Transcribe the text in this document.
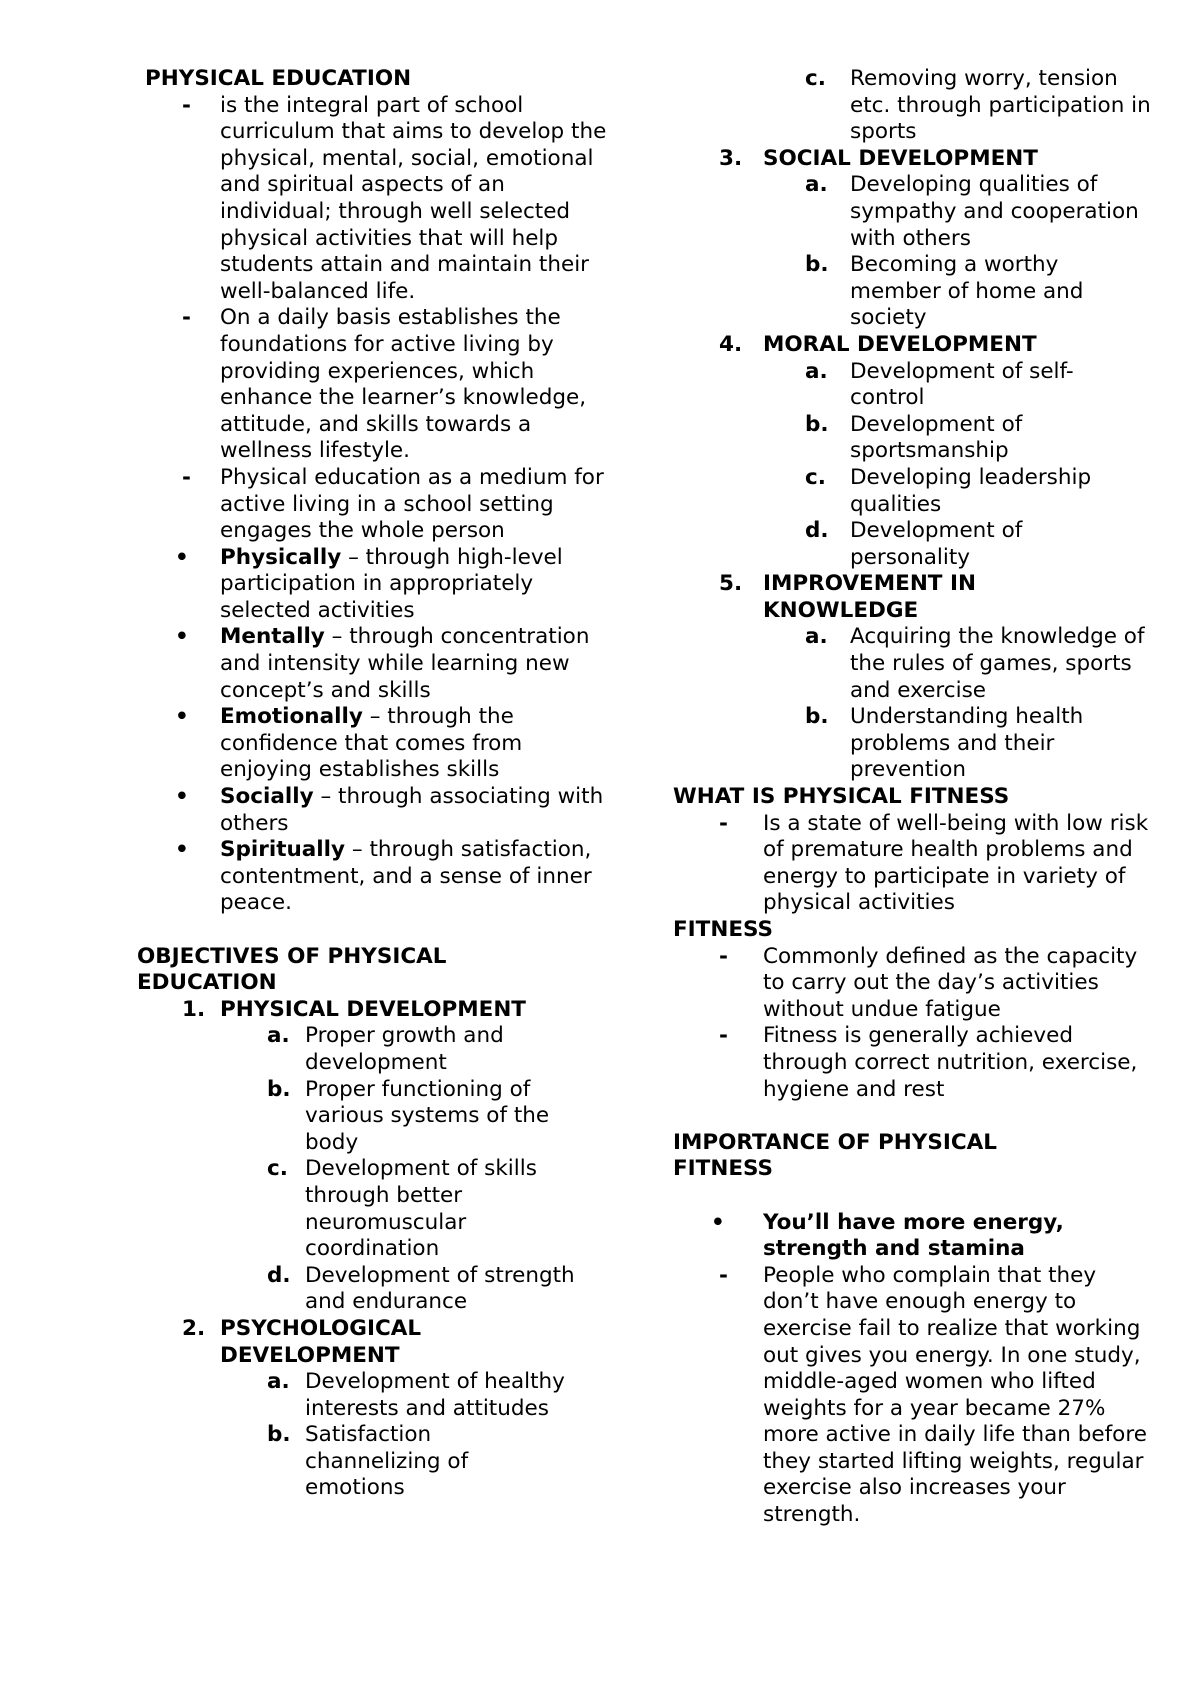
PHYSICAL EDUCATION
-	is the integral part of school curriculum that aims to develop the physical, mental, social, emotional and spiritual aspects of an individual; through well selected physical activities that will help students attain and maintain their well-balanced life.
-	On a daily basis establishes the foundations for active living by providing experiences, which enhance the learner’s knowledge, attitude, and skills towards a wellness lifestyle.
-	Physical education as a medium for active living in a school setting engages the whole person
•	Physically – through high-level participation in appropriately selected activities
•	Mentally – through concentration and intensity while learning new concept’s and skills
•	Emotionally – through the confidence that comes from enjoying establishes skills
•	Socially – through associating with others
•	Spiritually – through satisfaction, contentment, and a sense of inner peace.
OBJECTIVES OF PHYSICAL EDUCATION
1. PHYSICAL DEVELOPMENT
a. Proper growth and development
b. Proper functioning of various systems of the body
c. Development of skills through better neuromuscular coordination
d. Development of strength and endurance
2. PSYCHOLOGICAL DEVELOPMENT
a. Development of healthy interests and attitudes
b. Satisfaction channelizing of emotions
c.	Removing worry, tension etc. through participation in sports
3. SOCIAL DEVELOPMENT
a.	Developing qualities of sympathy and cooperation with others
b. Becoming a worthy member of home and society
4. MORAL DEVELOPMENT
a.	Development of self-control
b. Development of sportsmanship
c.	Developing leadership qualities
d. Development of personality
5. IMPROVEMENT IN KNOWLEDGE
a.	Acquiring the knowledge of the rules of games, sports and exercise
b. Understanding health problems and their prevention
WHAT IS PHYSICAL FITNESS
-	Is a state of well-being with low risk of premature health problems and energy to participate in variety of physical activities
FITNESS
-	Commonly defined as the capacity to carry out the day’s activities without undue fatigue
-	Fitness is generally achieved through correct nutrition, exercise, hygiene and rest
IMPORTANCE OF PHYSICAL FITNESS
•	You’ll have more energy, strength and stamina
-	People who complain that they don’t have enough energy to exercise fail to realize that working out gives you energy. In one study, middle-aged women who lifted weights for a year became 27% more active in daily life than before they started lifting weights, regular exercise also increases your strength.
